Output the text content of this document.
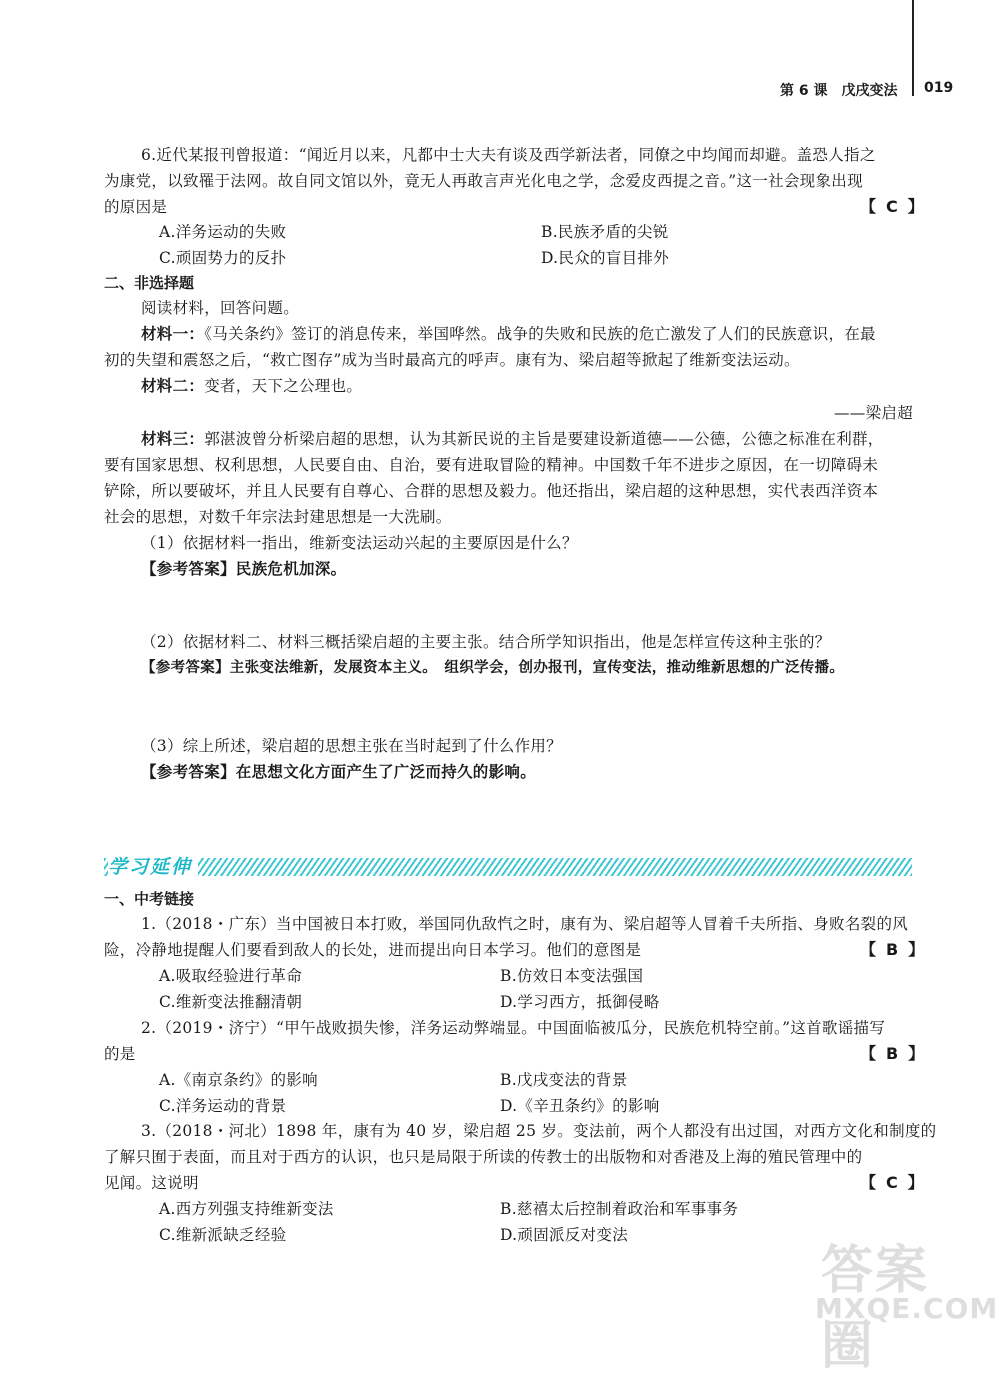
第 6 课　戊戌变法 019
6.近代某报刊曾报道：“闻近月以来，凡都中士大夫有谈及西学新法者，同僚之中均闻而却避。盖恐人指之
为康党，以致罹于法网。故自同文馆以外，竟无人再敢言声光化电之学，念爱皮西提之音。”这一社会现象出现
的原因是	【C】
A.洋务运动的失败	B.民族矛盾的尖锐
C.顽固势力的反扑	D.民众的盲目排外
二、非选择题
阅读材料，回答问题。
材料一：《马关条约》签订的消息传来，举国哗然。战争的失败和民族的危亡激发了人们的民族意识，在最
初的失望和震怒之后，“救亡图存”成为当时最高亢的呼声。康有为、梁启超等掀起了维新变法运动。
材料二：变者，天下之公理也。
——梁启超
材料三：郭湛波曾分析梁启超的思想，认为其新民说的主旨是要建设新道德——公德，公德之标准在利群，
要有国家思想、权利思想，人民要自由、自治，要有进取冒险的精神。中国数千年不进步之原因，在一切障碍未
铲除，所以要破坏，并且人民要有自尊心、合群的思想及毅力。他还指出，梁启超的这种思想，实代表西洋资本
社会的思想，对数千年宗法封建思想是一大洗刷。
（1）依据材料一指出，维新变法运动兴起的主要原因是什么？
【参考答案】民族危机加深。
（2）依据材料二、材料三概括梁启超的主要主张。结合所学知识指出，他是怎样宣传这种主张的？
【参考答案】主张变法维新，发展资本主义。　组织学会，创办报刊，宣传变法，推动维新思想的广泛传播。
（3）综上所述，梁启超的思想主张在当时起到了什么作用？
【参考答案】在思想文化方面产生了广泛而持久的影响。
学习延伸
一、中考链接
1.（2018・广东）当中国被日本打败，举国同仇敌忾之时，康有为、梁启超等人冒着千夫所指、身败名裂的风
险，冷静地提醒人们要看到敌人的长处，进而提出向日本学习。他们的意图是	【B】
A.吸取经验进行革命	B.仿效日本变法强国
C.维新变法推翻清朝	D.学习西方，抵御侵略
2.（2019・济宁）“甲午战败损失惨，洋务运动弊端显。中国面临被瓜分，民族危机特空前。”这首歌谣描写
的是	【B】
A.《南京条约》的影响	B.戊戌变法的背景
C.洋务运动的背景	D.《辛丑条约》的影响
3.（2018・河北）1898 年，康有为 40 岁，梁启超 25 岁。变法前，两个人都没有出过国，对西方文化和制度的
了解只囿于表面，而且对于西方的认识，也只是局限于所读的传教士的出版物和对香港及上海的殖民管理中的
见闻。这说明	【C】
A.西方列强支持维新变法	B.慈禧太后控制着政治和军事事务
C.维新派缺乏经验	D.顽固派反对变法
答案圈
MXQE.COM
